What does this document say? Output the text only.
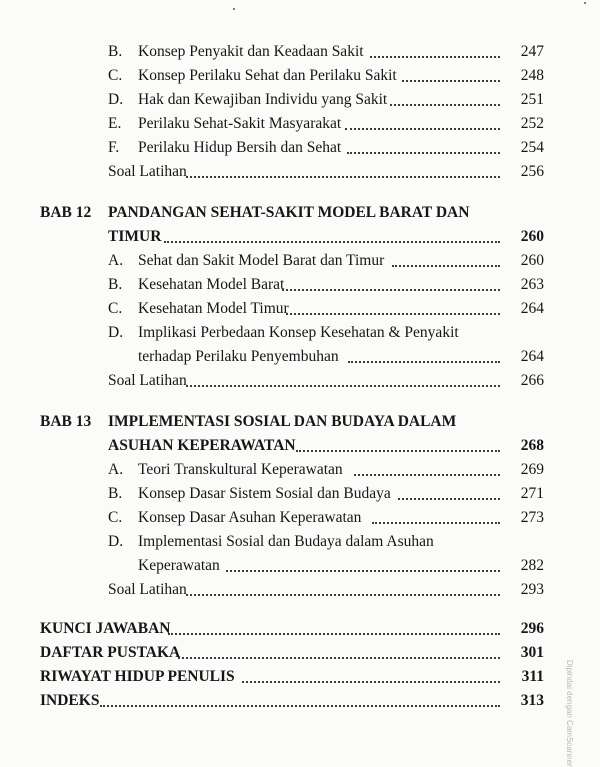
B. Konsep Penyakit dan Keadaan Sakit	247
C. Konsep Perilaku Sehat dan Perilaku Sakit	248
D. Hak dan Kewajiban Individu yang Sakit	251
E. Perilaku Sehat-Sakit Masyarakat	252
F. Perilaku Hidup Bersih dan Sehat	254
Soal Latihan	256
BAB 12 PANDANGAN SEHAT-SAKIT MODEL BARAT DAN
TIMUR	260
A. Sehat dan Sakit Model Barat dan Timur	260
B. Kesehatan Model Barat	263
C. Kesehatan Model Timur	264
D. Implikasi Perbedaan Konsep Kesehatan & Penyakit
terhadap Perilaku Penyembuhan	264
Soal Latihan	266
BAB 13 IMPLEMENTASI SOSIAL DAN BUDAYA DALAM
ASUHAN KEPERAWATAN	268
A. Teori Transkultural Keperawatan	269
B. Konsep Dasar Sistem Sosial dan Budaya	271
C. Konsep Dasar Asuhan Keperawatan	273
D. Implementasi Sosial dan Budaya dalam Asuhan
Keperawatan	282
Soal Latihan	293
KUNCI JAWABAN	296
DAFTAR PUSTAKA	301
RIWAYAT HIDUP PENULIS	311
INDEKS	313	Dipindai dengan CamScanner
